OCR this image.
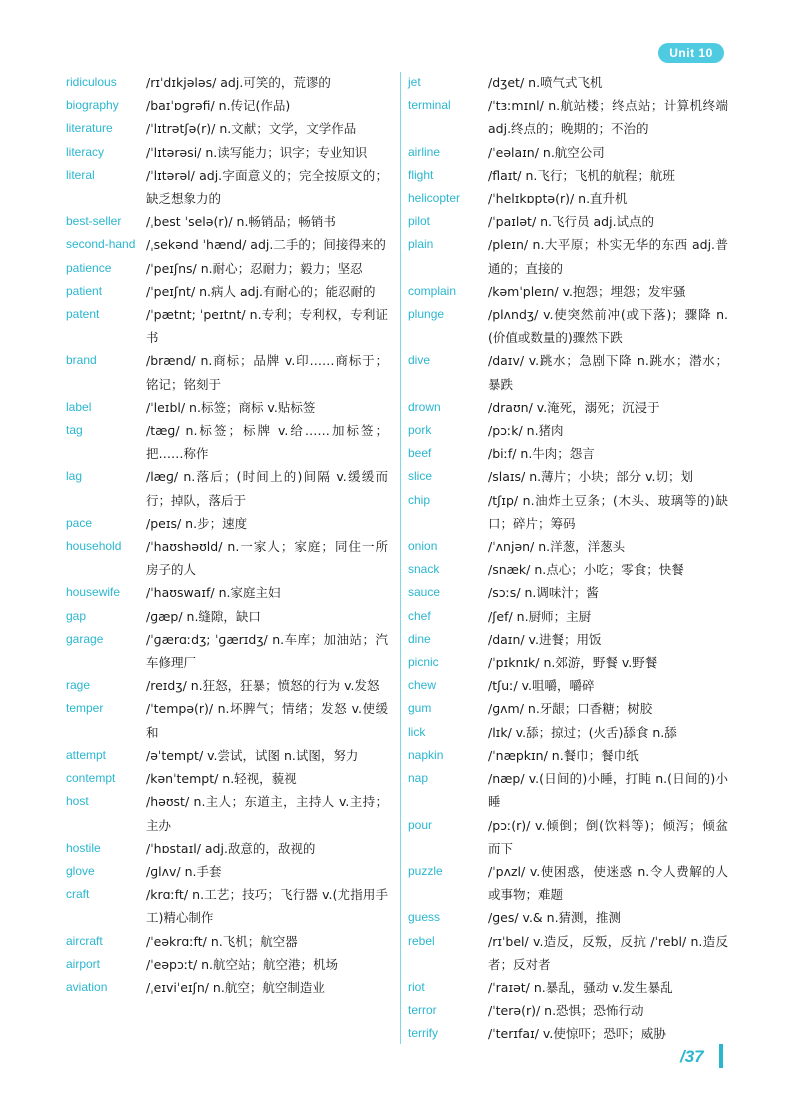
Unit 10
ridiculous	/rɪˈdɪkjələs/ adj.可笑的，荒谬的
biography	/baɪˈɒɡrəfi/ n.传记(作品)
literature	/ˈlɪtrətʃə(r)/ n.文献；文学，文学作品
literacy	/ˈlɪtərəsi/ n.读写能力；识字；专业知识
literal	/ˈlɪtərəl/ adj.字面意义的；完全按原文的；缺乏想象力的
best-seller	/ˌbest ˈselə(r)/ n.畅销品；畅销书
second-hand /ˌsekənd ˈhænd/ adj.二手的；间接得来的
patience	/ˈpeɪʃns/ n.耐心；忍耐力；毅力；坚忍
patient	/ˈpeɪʃnt/ n.病人 adj.有耐心的；能忍耐的
patent	/ˈpætnt; ˈpeɪtnt/ n.专利；专利权，专利证书
brand	/brænd/ n.商标；品牌 v.印……商标于；铭记；铭刻于
label	/ˈleɪbl/ n.标签；商标 v.贴标签
tag	/tæɡ/ n.标签；标牌 v.给……加标签；把……称作
lag	/læɡ/ n.落后；(时间上的)间隔 v.缓缓而行；掉队，落后于
pace	/peɪs/ n.步；速度
household	/ˈhaʊshəʊld/ n.一家人；家庭；同住一所房子的人
housewife	/ˈhaʊswaɪf/ n.家庭主妇
gap	/ɡæp/ n.缝隙，缺口
garage	/ˈɡærɑːdʒ; ˈɡærɪdʒ/ n.车库；加油站；汽车修理厂
rage	/reɪdʒ/ n.狂怒，狂暴；愤怒的行为 v.发怒
temper	/ˈtempə(r)/ n.坏脾气；情绪；发怒 v.使缓和
attempt	/əˈtempt/ v.尝试，试图 n.试图，努力
contempt	/kənˈtempt/ n.轻视，藐视
host	/həʊst/ n.主人；东道主，主持人 v.主持；主办
hostile	/ˈhɒstaɪl/ adj.敌意的，敌视的
glove	/ɡlʌv/ n.手套
craft	/krɑːft/ n.工艺；技巧；飞行器 v.(尤指用手工)精心制作
aircraft	/ˈeəkrɑːft/ n.飞机；航空器
airport	/ˈeəpɔːt/ n.航空站；航空港；机场
aviation	/ˌeɪviˈeɪʃn/ n.航空；航空制造业
jet	/dʒet/ n.喷气式飞机
terminal	/ˈtɜːmɪnl/ n.航站楼；终点站；计算机终端 adj.终点的；晚期的；不治的
airline	/ˈeəlaɪn/ n.航空公司
flight	/flaɪt/ n.飞行；飞机的航程；航班
helicopter	/ˈhelɪkɒptə(r)/ n.直升机
pilot	/ˈpaɪlət/ n.飞行员 adj.试点的
plain	/pleɪn/ n.大平原；朴实无华的东西 adj.普通的；直接的
complain	/kəmˈpleɪn/ v.抱怨；埋怨；发牢骚
plunge	/plʌndʒ/ v.使突然前冲(或下落)；骤降 n.(价值或数量的)骤然下跌
dive	/daɪv/ v.跳水；急剧下降 n.跳水；潜水；暴跌
drown	/draʊn/ v.淹死，溺死；沉浸于
pork	/pɔːk/ n.猪肉
beef	/biːf/ n.牛肉；怨言
slice	/slaɪs/ n.薄片；小块；部分 v.切；划
chip	/tʃɪp/ n.油炸土豆条；(木头、玻璃等的)缺口；碎片；筹码
onion	/ˈʌnjən/ n.洋葱，洋葱头
snack	/snæk/ n.点心；小吃；零食；快餐
sauce	/sɔːs/ n.调味汁；酱
chef	/ʃef/ n.厨师；主厨
dine	/daɪn/ v.进餐；用饭
picnic	/ˈpɪknɪk/ n.郊游，野餐 v.野餐
chew	/tʃuː/ v.咀嚼，嚼碎
gum	/ɡʌm/ n.牙龈；口香糖；树胶
lick	/lɪk/ v.舔；掠过；(火舌)舔食 n.舔
napkin	/ˈnæpkɪn/ n.餐巾；餐巾纸
nap	/næp/ v.(日间的)小睡，打盹 n.(日间的)小睡
pour	/pɔː(r)/ v.倾倒；倒(饮料等)；倾泻；倾盆而下
puzzle	/ˈpʌzl/ v.使困惑，使迷惑 n.令人费解的人或事物；难题
guess	/ɡes/ v.& n.猜测，推测
rebel	/rɪˈbel/ v.造反，反叛，反抗 /ˈrebl/ n.造反者；反对者
riot	/ˈraɪət/ n.暴乱，骚动 v.发生暴乱
terror	/ˈterə(r)/ n.恐惧；恐怖行动
terrify	/ˈterɪfaɪ/ v.使惊吓；恐吓；威胁
/37
